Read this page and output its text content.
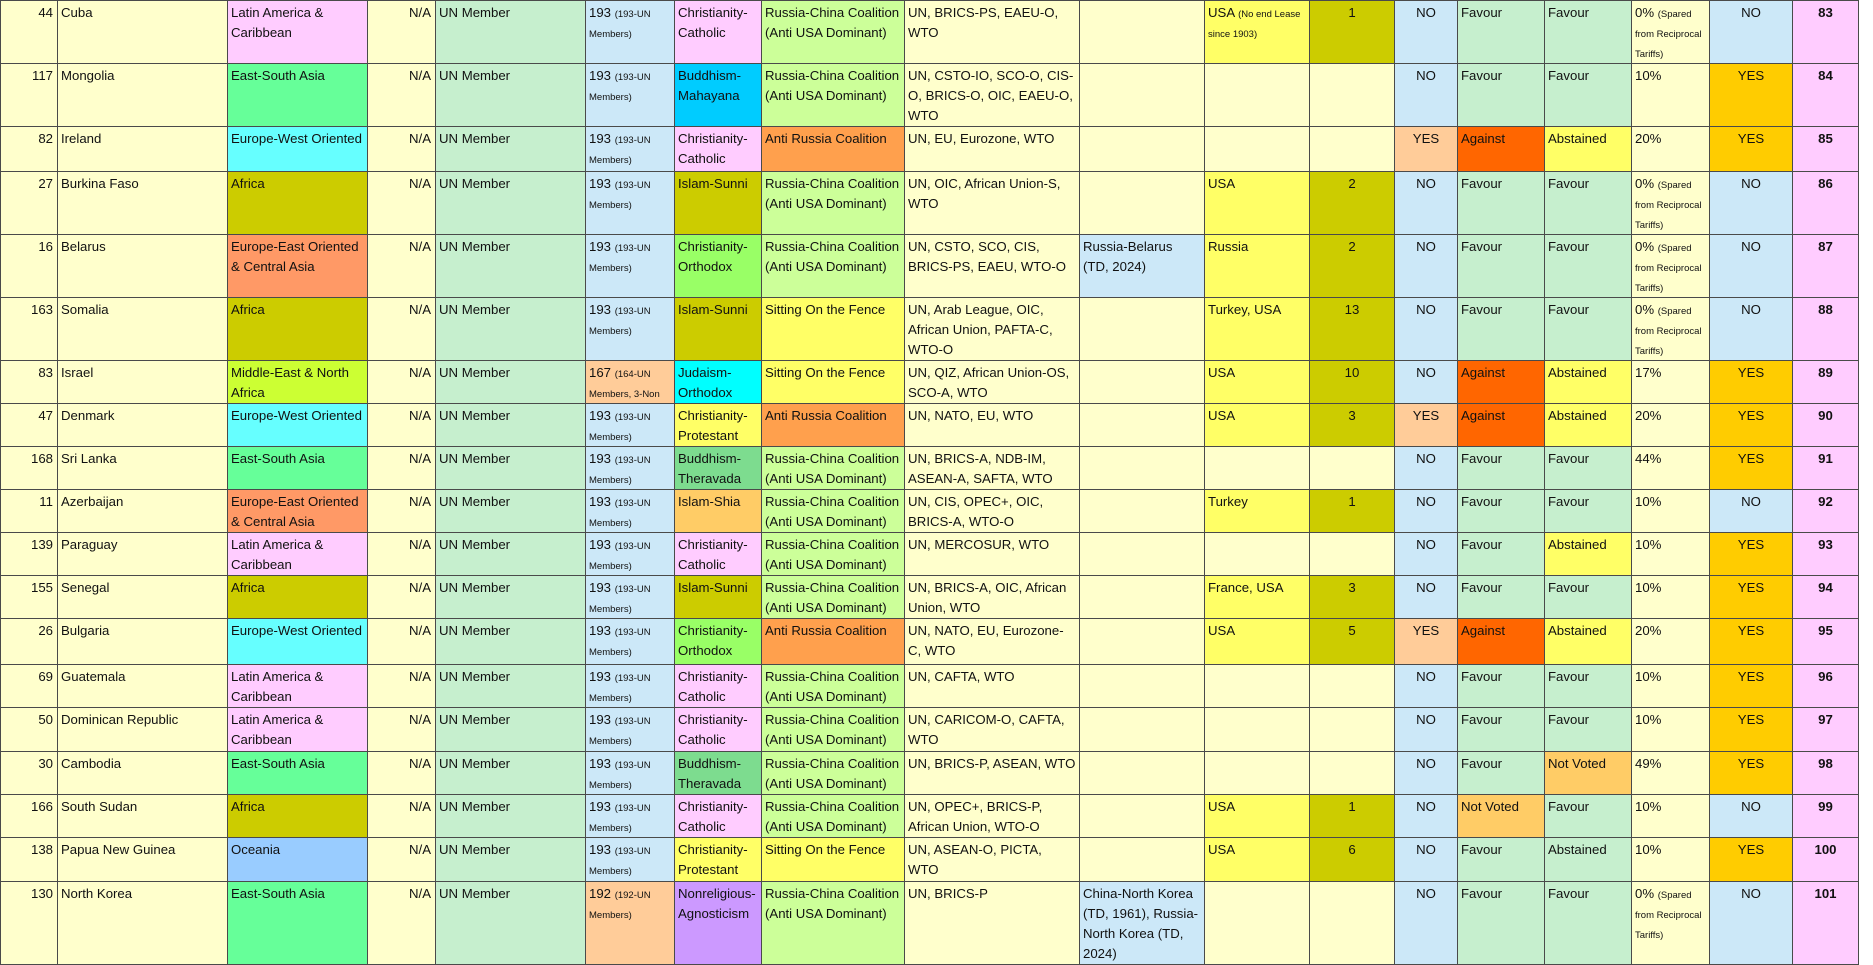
44	Cuba	Latin America & Caribbean	N/A	UN Member	193 (193-UN Members)	Christianity-Catholic	Russia-China Coalition (Anti USA Dominant)	UN, BRICS-PS, EAEU-O, WTO		USA (No end Lease since 1903)	1	NO	Favour	Favour	0% (Spared from Reciprocal Tariffs)	NO	83
117	Mongolia	East-South Asia	N/A	UN Member	193 (193-UN Members)	Buddhism-Mahayana	Russia-China Coalition (Anti USA Dominant)	UN, CSTO-IO, SCO-O, CIS-O, BRICS-O, OIC, EAEU-O, WTO				NO	Favour	Favour	10%	YES	84
82	Ireland	Europe-West Oriented	N/A	UN Member	193 (193-UN Members)	Christianity-Catholic	Anti Russia Coalition	UN, EU, Eurozone, WTO				YES	Against	Abstained	20%	YES	85
27	Burkina Faso	Africa	N/A	UN Member	193 (193-UN Members)	Islam-Sunni	Russia-China Coalition (Anti USA Dominant)	UN, OIC, African Union-S, WTO		USA	2	NO	Favour	Favour	0% (Spared from Reciprocal Tariffs)	NO	86
16	Belarus	Europe-East Oriented & Central Asia	N/A	UN Member	193 (193-UN Members)	Christianity-Orthodox	Russia-China Coalition (Anti USA Dominant)	UN, CSTO, SCO, CIS, BRICS-PS, EAEU, WTO-O	Russia-Belarus (TD, 2024)	Russia	2	NO	Favour	Favour	0% (Spared from Reciprocal Tariffs)	NO	87
163	Somalia	Africa	N/A	UN Member	193 (193-UN Members)	Islam-Sunni	Sitting On the Fence	UN, Arab League, OIC, African Union, PAFTA-C, WTO-O		Turkey, USA	13	NO	Favour	Favour	0% (Spared from Reciprocal Tariffs)	NO	88
83	Israel	Middle-East & North Africa	N/A	UN Member	167 (164-UN Members, 3-Non	Judaism-Orthodox	Sitting On the Fence	UN, QIZ, African Union-OS, SCO-A, WTO		USA	10	NO	Against	Abstained	17%	YES	89
47	Denmark	Europe-West Oriented	N/A	UN Member	193 (193-UN Members)	Christianity-Protestant	Anti Russia Coalition	UN, NATO, EU, WTO		USA	3	YES	Against	Abstained	20%	YES	90
168	Sri Lanka	East-South Asia	N/A	UN Member	193 (193-UN Members)	Buddhism-Theravada	Russia-China Coalition (Anti USA Dominant)	UN, BRICS-A, NDB-IM, ASEAN-A, SAFTA, WTO				NO	Favour	Favour	44%	YES	91
11	Azerbaijan	Europe-East Oriented & Central Asia	N/A	UN Member	193 (193-UN Members)	Islam-Shia	Russia-China Coalition (Anti USA Dominant)	UN, CIS, OPEC+, OIC, BRICS-A, WTO-O		Turkey	1	NO	Favour	Favour	10%	NO	92
139	Paraguay	Latin America & Caribbean	N/A	UN Member	193 (193-UN Members)	Christianity-Catholic	Russia-China Coalition (Anti USA Dominant)	UN, MERCOSUR, WTO				NO	Favour	Abstained	10%	YES	93
155	Senegal	Africa	N/A	UN Member	193 (193-UN Members)	Islam-Sunni	Russia-China Coalition (Anti USA Dominant)	UN, BRICS-A, OIC, African Union, WTO		France, USA	3	NO	Favour	Favour	10%	YES	94
26	Bulgaria	Europe-West Oriented	N/A	UN Member	193 (193-UN Members)	Christianity-Orthodox	Anti Russia Coalition	UN, NATO, EU, Eurozone-C, WTO		USA	5	YES	Against	Abstained	20%	YES	95
69	Guatemala	Latin America & Caribbean	N/A	UN Member	193 (193-UN Members)	Christianity-Catholic	Russia-China Coalition (Anti USA Dominant)	UN, CAFTA, WTO				NO	Favour	Favour	10%	YES	96
50	Dominican Republic	Latin America & Caribbean	N/A	UN Member	193 (193-UN Members)	Christianity-Catholic	Russia-China Coalition (Anti USA Dominant)	UN, CARICOM-O, CAFTA, WTO				NO	Favour	Favour	10%	YES	97
30	Cambodia	East-South Asia	N/A	UN Member	193 (193-UN Members)	Buddhism-Theravada	Russia-China Coalition (Anti USA Dominant)	UN, BRICS-P, ASEAN, WTO				NO	Favour	Not Voted	49%	YES	98
166	South Sudan	Africa	N/A	UN Member	193 (193-UN Members)	Christianity-Catholic	Russia-China Coalition (Anti USA Dominant)	UN, OPEC+, BRICS-P, African Union, WTO-O		USA	1	NO	Not Voted	Favour	10%	NO	99
138	Papua New Guinea	Oceania	N/A	UN Member	193 (193-UN Members)	Christianity-Protestant	Sitting On the Fence	UN, ASEAN-O, PICTA, WTO		USA	6	NO	Favour	Abstained	10%	YES	100
130	North Korea	East-South Asia	N/A	UN Member	192 (192-UN Members)	Nonreligious-Agnosticism	Russia-China Coalition (Anti USA Dominant)	UN, BRICS-P	China-North Korea (TD, 1961), Russia-North Korea (TD, 2024)			NO	Favour	Favour	0% (Spared from Reciprocal Tariffs)	NO	101
